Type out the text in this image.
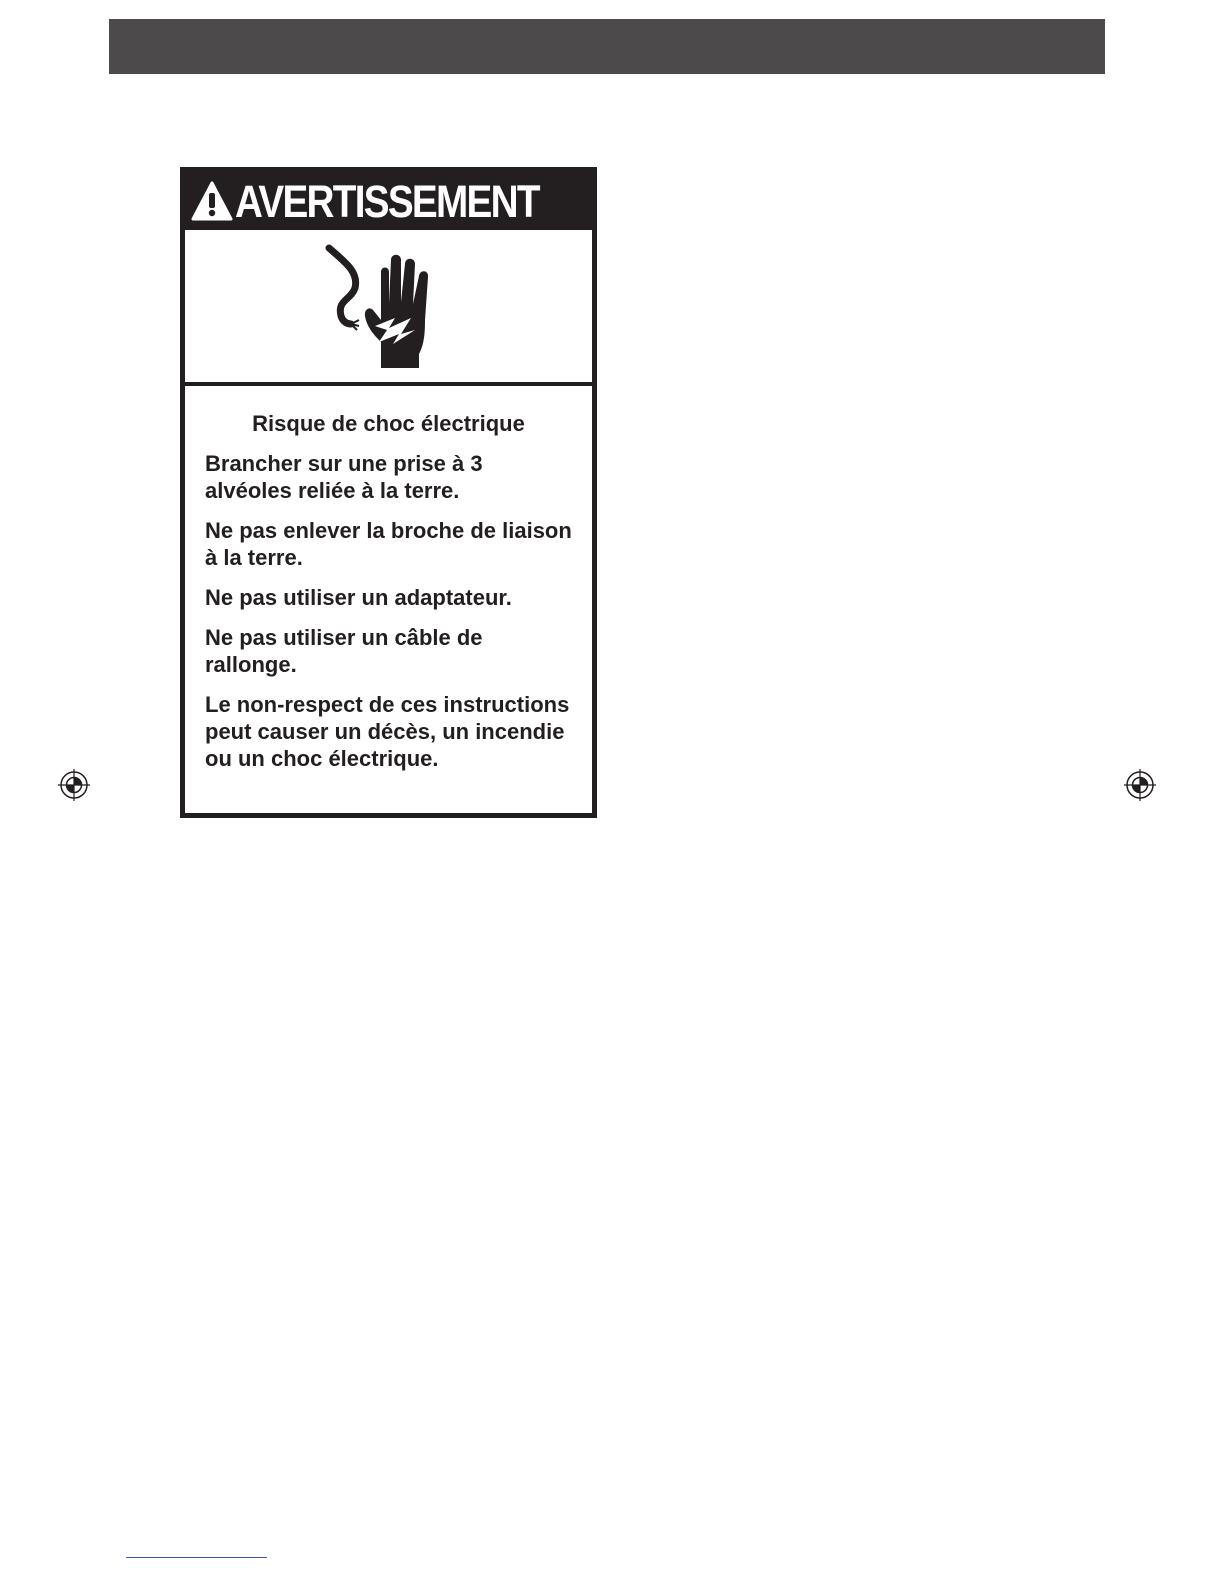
AVERTISSEMENT
Risque de choc électrique

Brancher sur une prise à 3 alvéoles reliée à la terre.

Ne pas enlever la broche de liaison à la terre.

Ne pas utiliser un adaptateur.

Ne pas utiliser un câble de rallonge.

Le non-respect de ces instructions peut causer un décès, un incendie ou un choc électrique.
